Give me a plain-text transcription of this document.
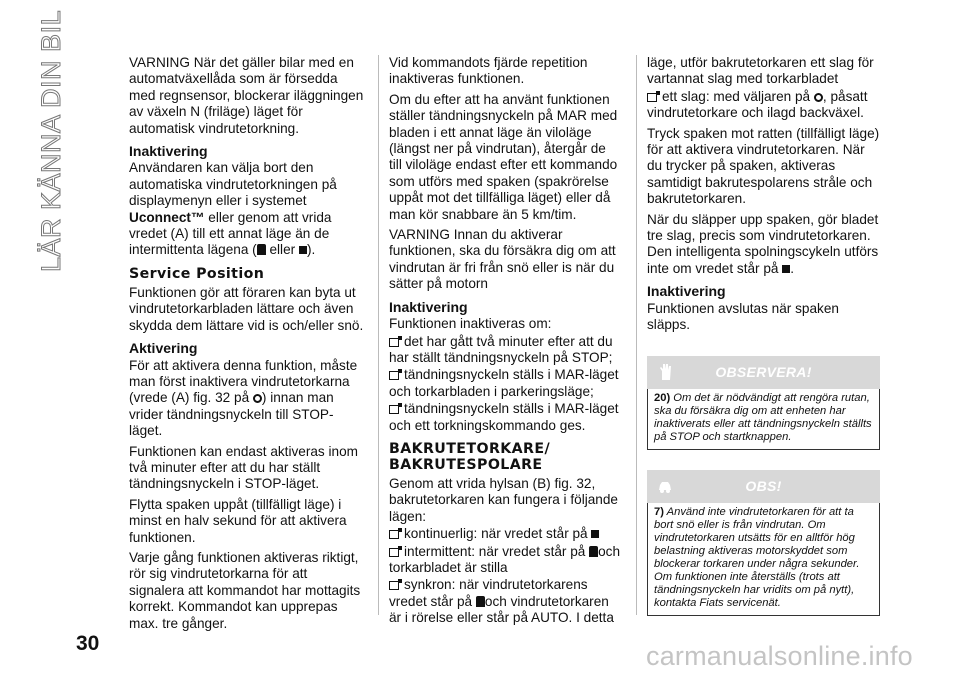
LÄR KÄNNA DIN BIL	VARNING När det gäller bilar med en automatväxellåda som är försedda med regnsensor, blockerar iläggningen av växeln N (friläge) läget för automatisk vindrutetorkning.

Inaktivering

Användaren kan välja bort den automatiska vindrutetorkningen på displaymenyn eller i systemet Uconnect™ eller genom att vrida vredet (A) till ett annat läge än de intermittenta lägena ( eller ).

Service Position

Funktionen gör att föraren kan byta ut vindrutetorkarbladen lättare och även skydda dem lättare vid is och/eller snö.

Aktivering

För att aktivera denna funktion, måste man först inaktivera vindrutetorkarna (vrede (A) fig. 32 på ) innan man vrider tändningsnyckeln till STOP-läget.

Funktionen kan endast aktiveras inom två minuter efter att du har ställt tändningsnyckeln i STOP-läget.

Flytta spaken uppåt (tillfälligt läge) i minst en halv sekund för att aktivera funktionen.

Varje gång funktionen aktiveras riktigt, rör sig vindrutetorkarna för att signalera att kommandot har mottagits korrekt. Kommandot kan upprepas max. tre gånger.

Vid kommandots fjärde repetition inaktiveras funktionen.

Om du efter att ha använt funktionen ställer tändningsnyckeln på MAR med bladen i ett annat läge än viloläge (längst ner på vindrutan), återgår de till viloläge endast efter ett kommando som utförs med spaken (spakrörelse uppåt mot det tillfälliga läget) eller då man kör snabbare än 5 km/tim.

VARNING Innan du aktiverar funktionen, ska du försäkra dig om att vindrutan är fri från snö eller is när du sätter på motorn

Inaktivering

Funktionen inaktiveras om:

det har gått två minuter efter att du har ställt tändningsnyckeln på STOP;

tändningsnyckeln ställs i MAR-läget och torkarbladen i parkeringsläge;

tändningsnyckeln ställs i MAR-läget och ett torkningskommando ges.

BAKRUTETORKARE/
BAKRUTESPOLARE

Genom att vrida hylsan (B) fig. 32, bakrutetorkaren kan fungera i följande lägen:

kontinuerlig: när vredet står på

intermittent: när vredet står på och torkarbladet är stilla

synkron: när vindrutetorkarens vredet står på och vindrutetorkaren är i rörelse eller står på AUTO. I detta

läge, utför bakrutetorkaren ett slag för vartannat slag med torkarbladet

ett slag: med väljaren på , påsatt vindrutetorkare och ilagd backväxel.

Tryck spaken mot ratten (tillfälligt läge) för att aktivera vindrutetorkaren. När du trycker på spaken, aktiveras samtidigt bakrutespolarens stråle och bakrutetorkaren.

När du släpper upp spaken, gör bladet tre slag, precis som vindrutetorkaren. Den intelligenta spolningscykeln utförs inte om vredet står på .

Inaktivering

Funktionen avslutas när spaken släpps.

OBSERVERA!
20) Om det är nödvändigt att rengöra rutan, ska du försäkra dig om att enheten har inaktiverats eller att tändningsnyckeln ställts på STOP och startknappen.
OBS!
7) Använd inte vindrutetorkaren för att ta bort snö eller is från vindrutan. Om vindrutetorkaren utsätts för en alltför hög belastning aktiveras motorskyddet som blockerar torkaren under några sekunder. Om funktionen inte återställs (trots att tändningsnyckeln har vridits om på nytt), kontakta Fiats servicenät.
30	carmanualsonline.info
